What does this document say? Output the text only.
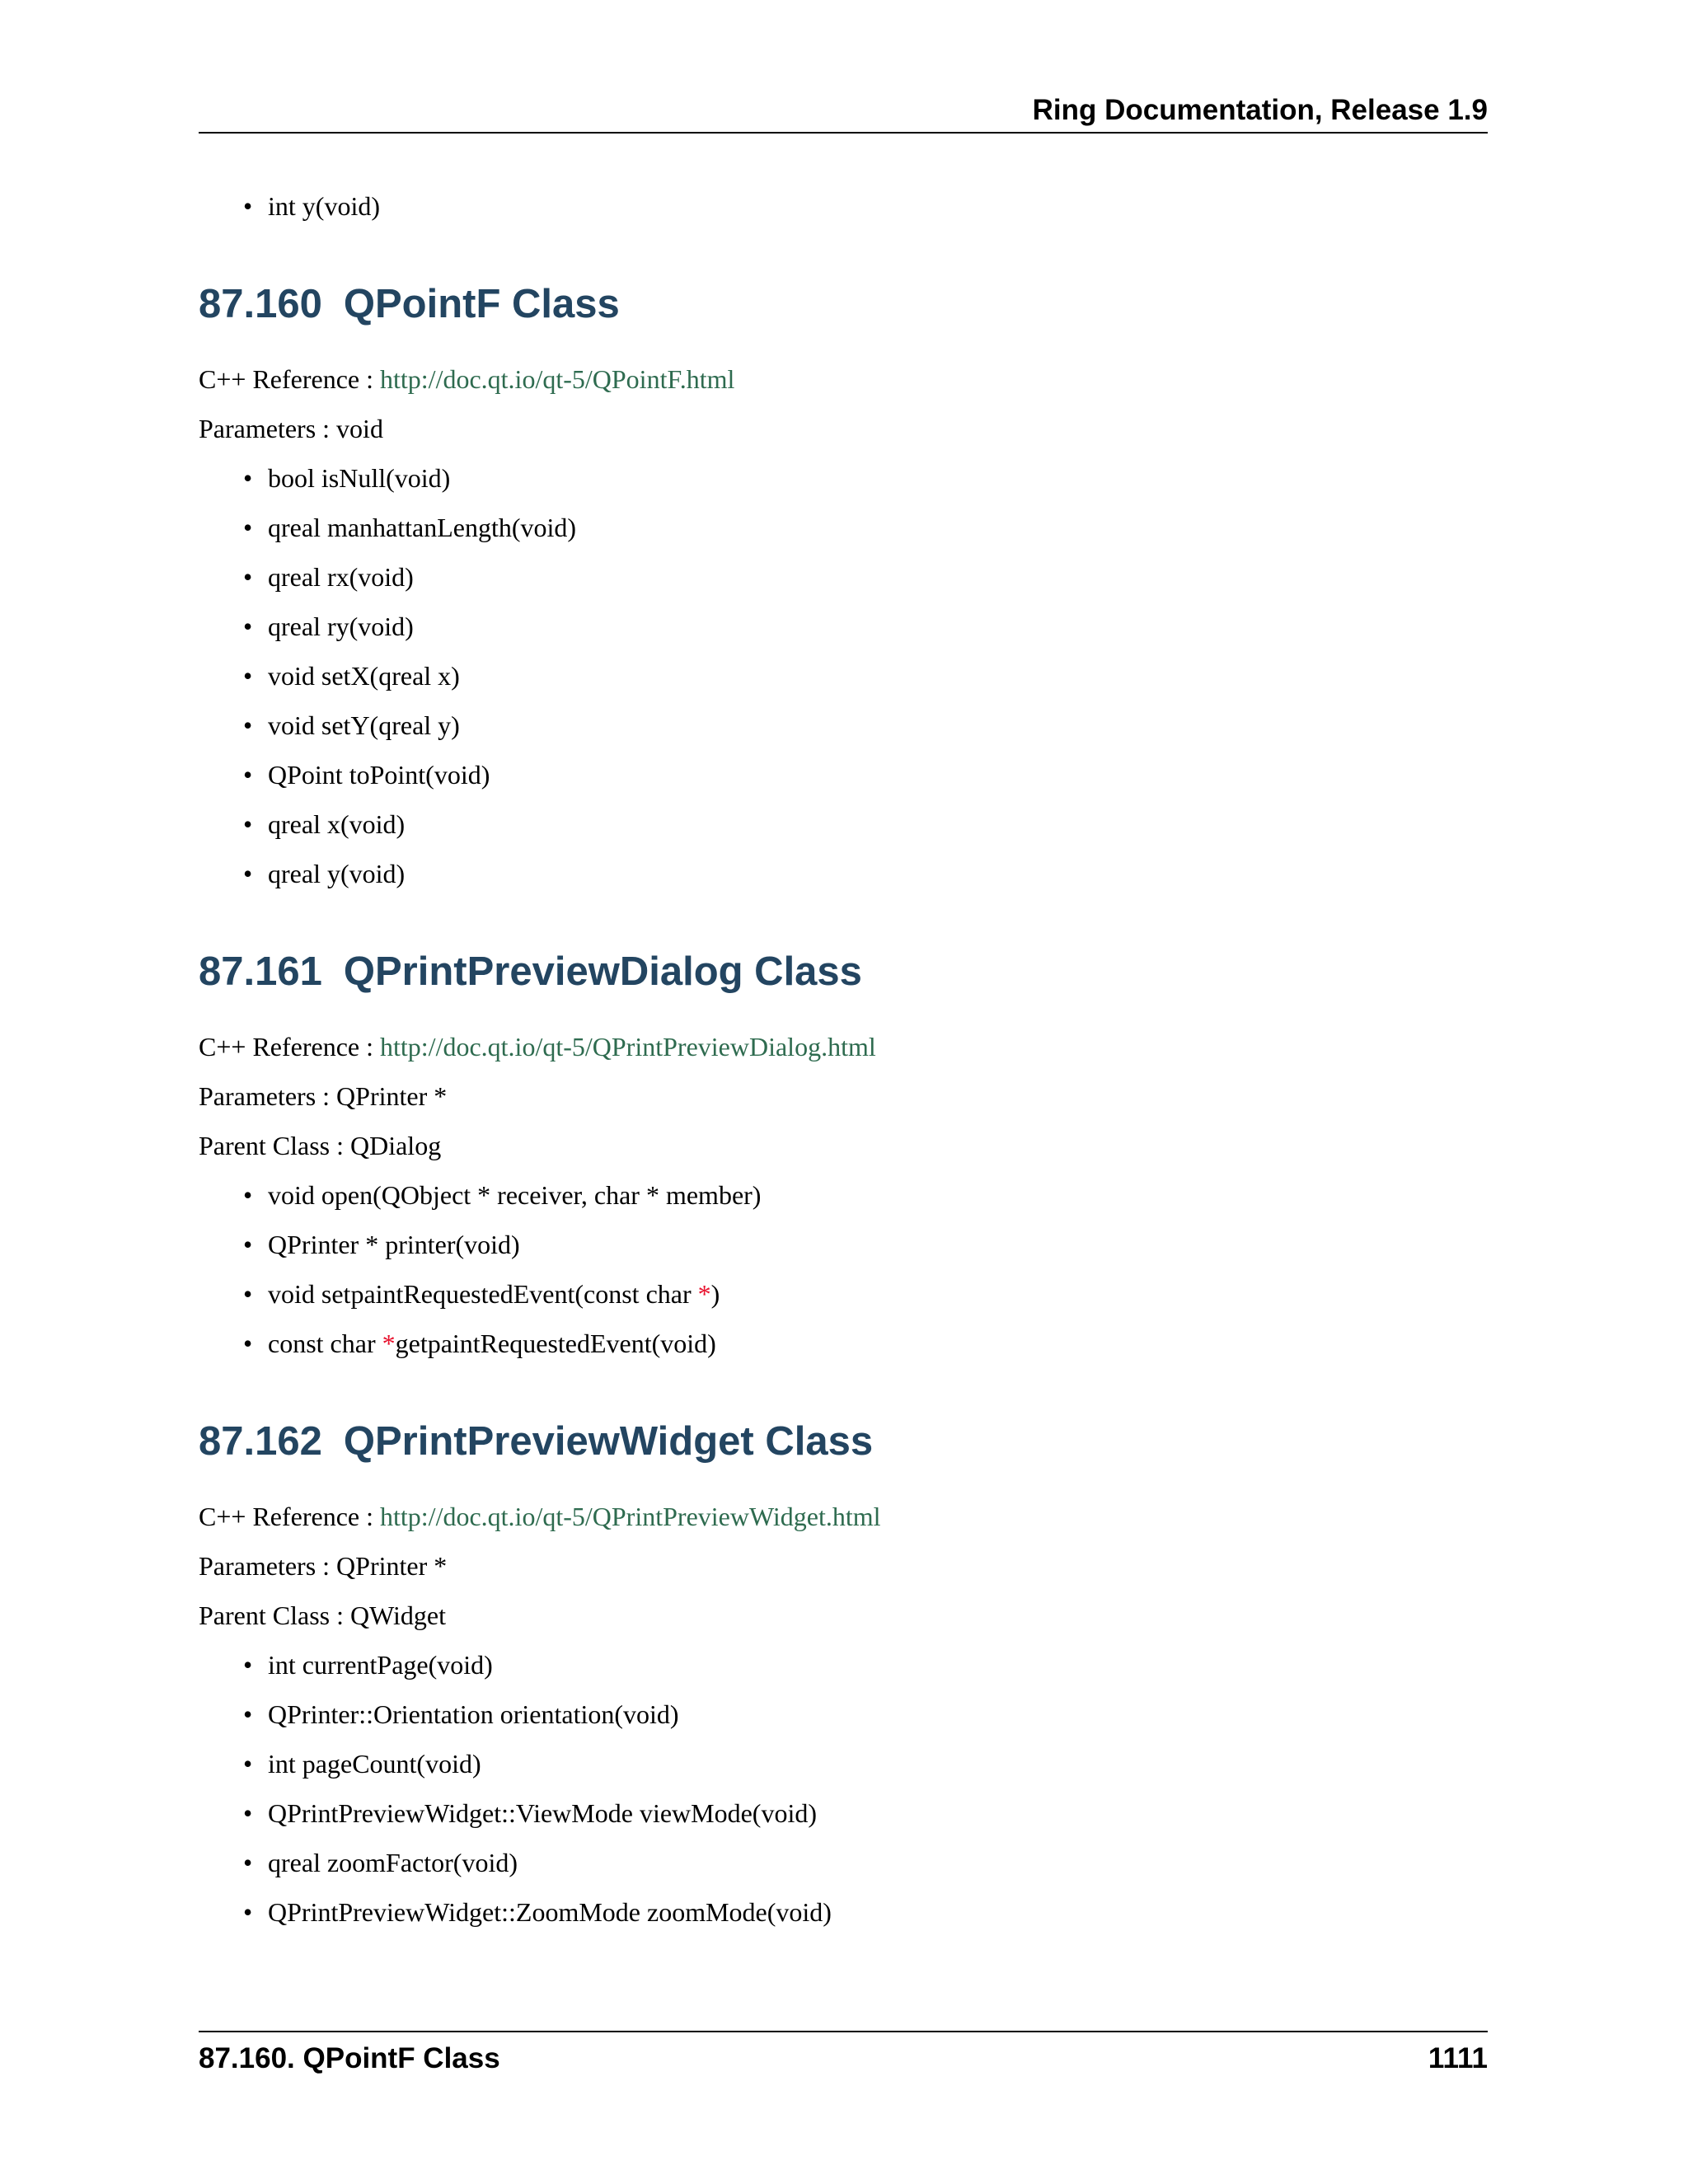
Ring Documentation, Release 1.9
• int y(void)
87.160 QPointF Class

C++ Reference : http://doc.qt.io/qt-5/QPointF.html

Parameters : void

• bool isNull(void)
• qreal manhattanLength(void)
• qreal rx(void)
• qreal ry(void)
• void setX(qreal x)
• void setY(qreal y)
• QPoint toPoint(void)
• qreal x(void)
• qreal y(void)
87.161 QPrintPreviewDialog Class

C++ Reference : http://doc.qt.io/qt-5/QPrintPreviewDialog.html

Parameters : QPrinter *

Parent Class : QDialog

• void open(QObject * receiver, char * member)
• QPrinter * printer(void)
• void setpaintRequestedEvent(const char *)
• const char *getpaintRequestedEvent(void)
87.162 QPrintPreviewWidget Class

C++ Reference : http://doc.qt.io/qt-5/QPrintPreviewWidget.html

Parameters : QPrinter *

Parent Class : QWidget

• int currentPage(void)
• QPrinter::Orientation orientation(void)
• int pageCount(void)
• QPrintPreviewWidget::ViewMode viewMode(void)
• qreal zoomFactor(void)
• QPrintPreviewWidget::ZoomMode zoomMode(void)
87.160. QPointF Class	1111
